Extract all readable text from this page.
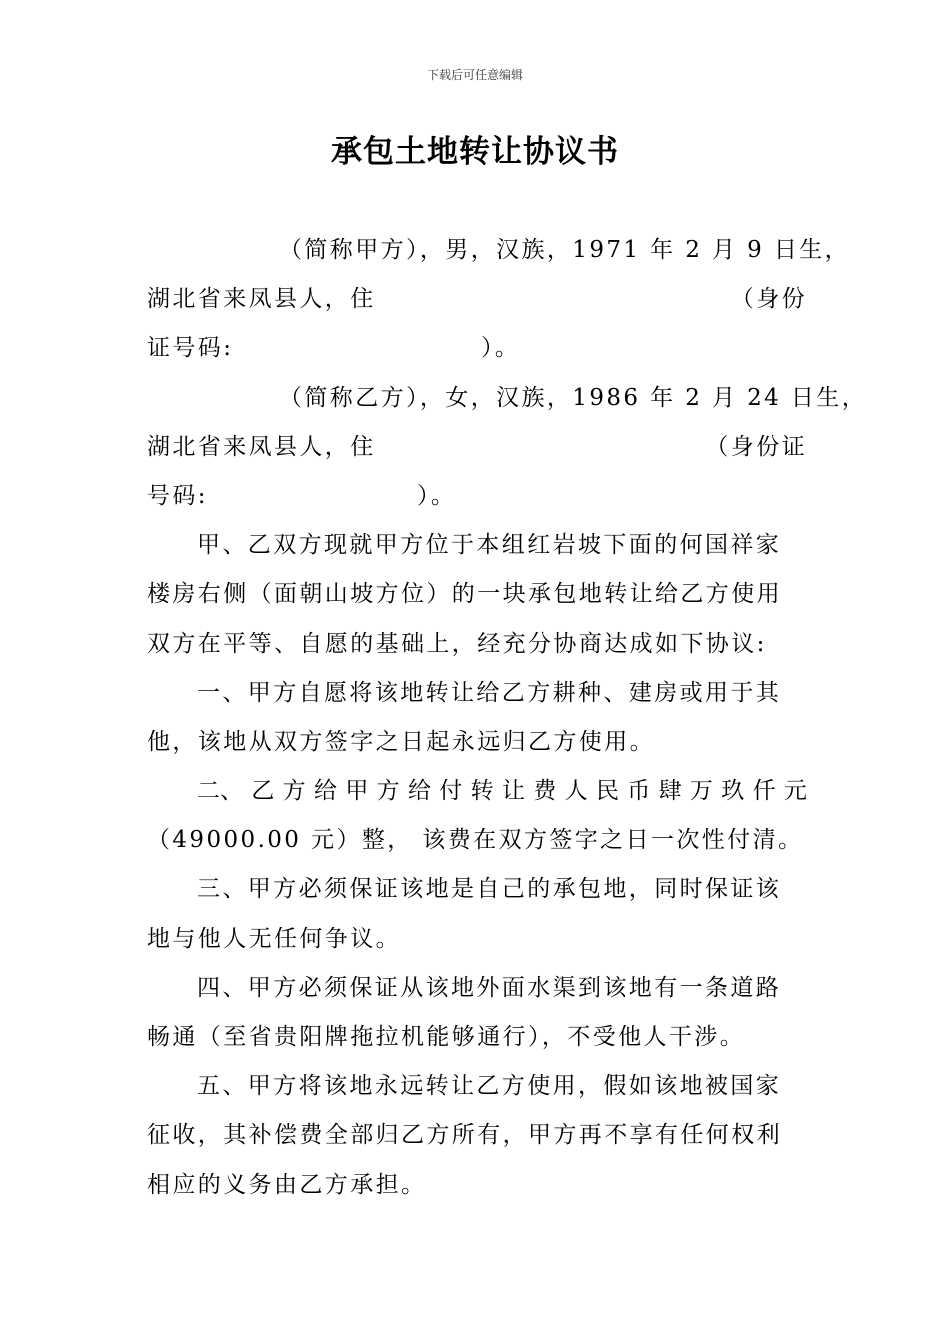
下载后可任意编辑
承包土地转让协议书
（简称甲方），男，汉族，1971 年 2 月 9 日生，
湖北省来凤县人，住	（身份
证号码:	）。
（简称乙方），女，汉族，1986 年 2 月 24 日生，
湖北省来凤县人，住	（身份证
号码:	）。
甲、乙双方现就甲方位于本组红岩坡下面的何国祥家
楼房右侧（面朝山坡方位）的一块承包地转让给乙方使用
双方在平等、自愿的基础上，经充分协商达成如下协议:
一、甲方自愿将该地转让给乙方耕种、建房或用于其
他，该地从双方签字之日起永远归乙方使用。
二、 乙 方 给 甲 方 给 付 转 让 费 人 民 币 肆 万 玖 仟 元
（49000.00 元）整， 该费在双方签字之日一次性付清。
三、甲方必须保证该地是自己的承包地，同时保证该
地与他人无任何争议。
四、甲方必须保证从该地外面水渠到该地有一条道路
畅通（至省贵阳牌拖拉机能够通行），不受他人干涉。
五、甲方将该地永远转让乙方使用，假如该地被国家
征收，其补偿费全部归乙方所有，甲方再不享有任何权利
相应的义务由乙方承担。
